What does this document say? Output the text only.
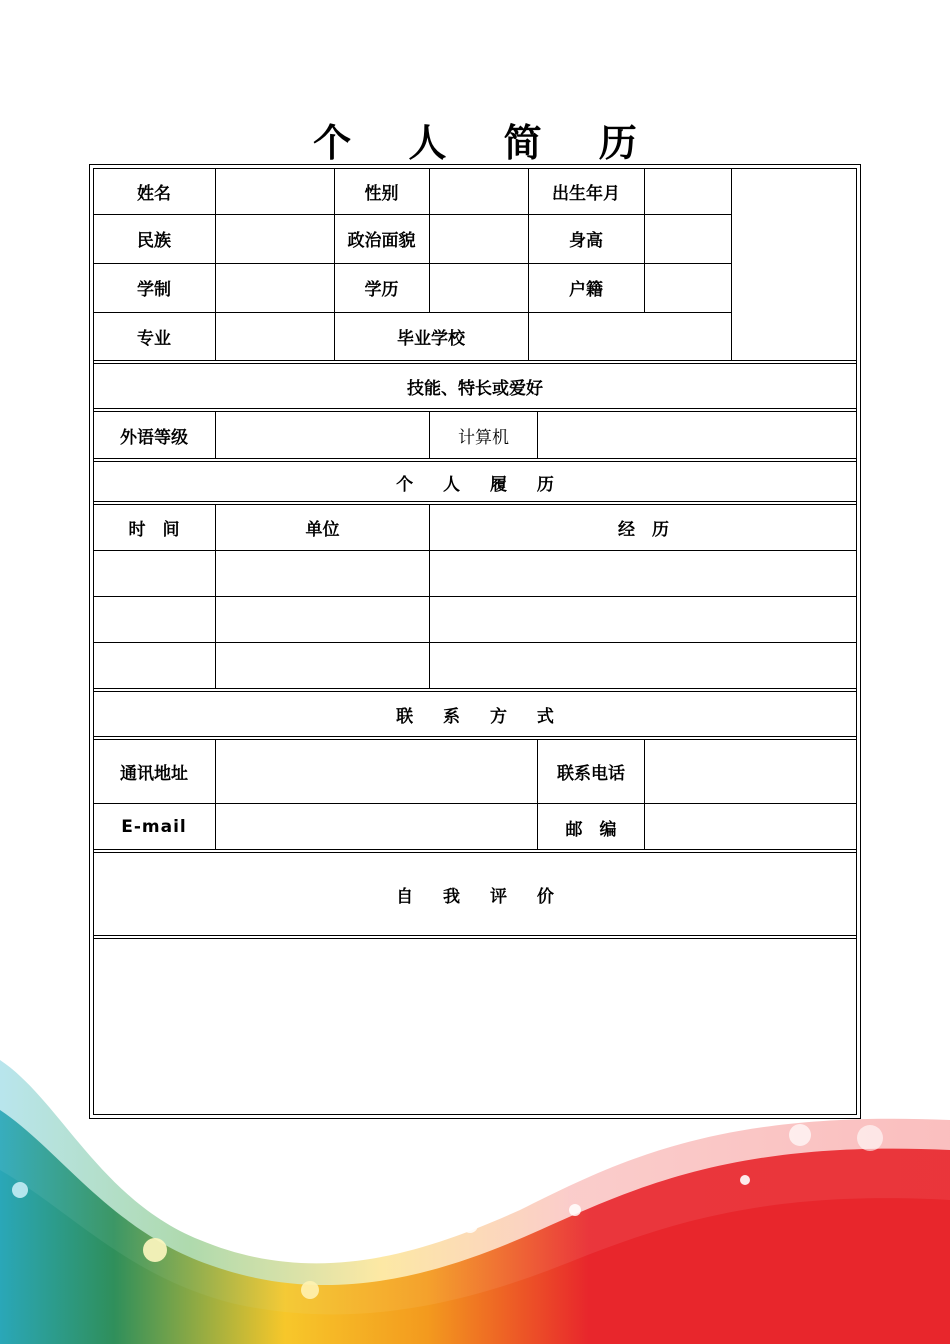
个 人 简 历
姓名	性别	出生年月
民族	政治面貌	身高
学制	学历	户籍
专业	毕业学校
技能、特长或爱好
外语等级	计算机
个 人 履 历
时　间	单位	经　历
联 系 方 式
通讯地址	联系电话
E-mail	邮　编
自 我 评 价
